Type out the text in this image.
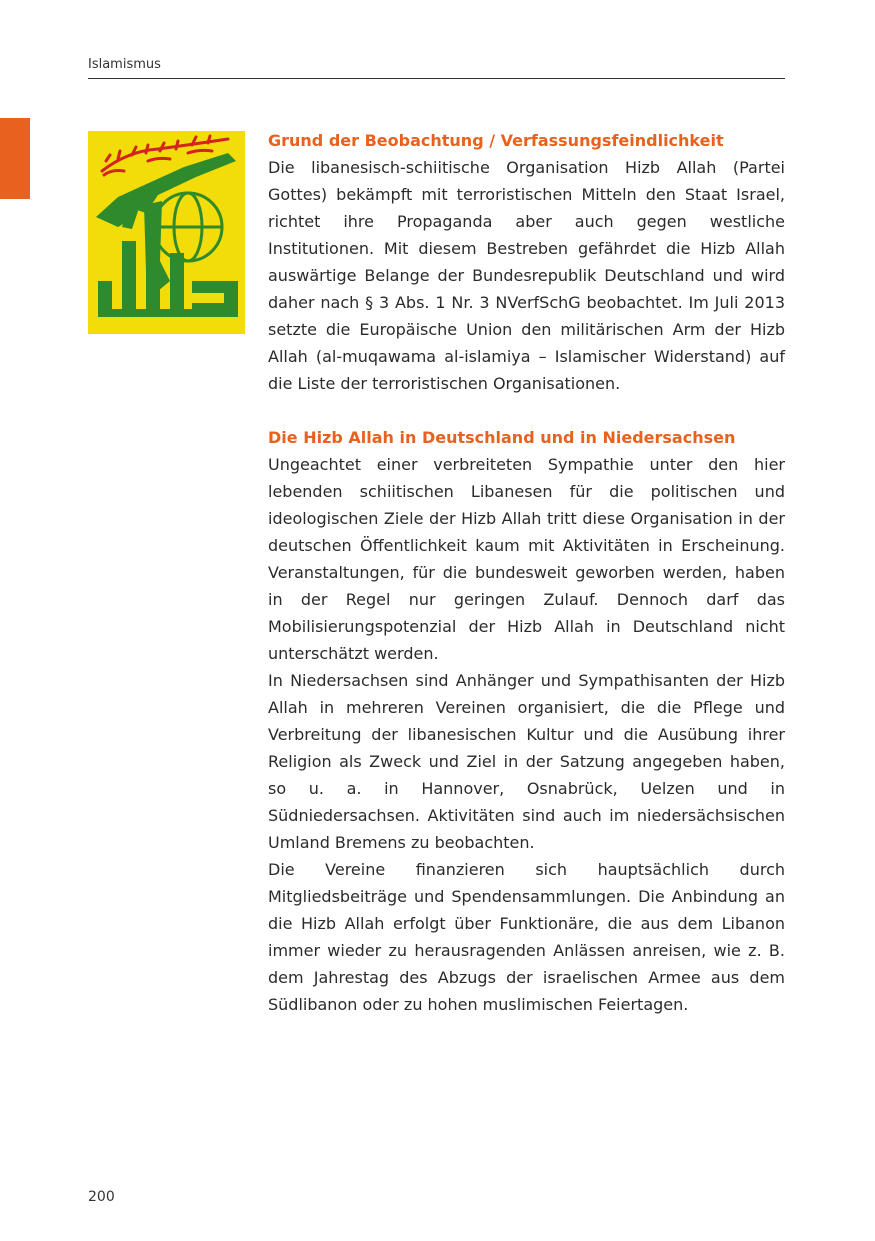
Islamismus
Grund der Beobachtung / Verfassungsfeindlichkeit

Die libanesisch-schiitische Organisation Hizb Allah (Partei Gottes) bekämpft mit terroristischen Mitteln den Staat Israel, richtet ihre Propaganda aber auch gegen westliche Institutionen. Mit diesem Bestreben gefährdet die Hizb Allah auswärtige Belange der Bundesrepublik Deutschland und wird daher nach § 3 Abs. 1 Nr. 3 NVerfSchG beobachtet. Im Juli 2013 setzte die Europäische Union den militärischen Arm der Hizb Allah (al-muqawama al-islamiya – Islamischer Widerstand) auf die Liste der terroristischen Organisationen.

Die Hizb Allah in Deutschland und in Niedersachsen

Ungeachtet einer verbreiteten Sympathie unter den hier lebenden schiitischen Libanesen für die politischen und ideologischen Ziele der Hizb Allah tritt diese Organisation in der deutschen Öffentlichkeit kaum mit Aktivitäten in Erscheinung. Veranstaltungen, für die bundesweit geworben werden, haben in der Regel nur geringen Zulauf. Dennoch darf das Mobilisierungspotenzial der Hizb Allah in Deutschland nicht unterschätzt werden.

In Niedersachsen sind Anhänger und Sympathisanten der Hizb Allah in mehreren Vereinen organisiert, die die Pflege und Verbreitung der libanesischen Kultur und die Ausübung ihrer Religion als Zweck und Ziel in der Satzung angegeben haben, so u. a. in Hannover, Osnabrück, Uelzen und in Südniedersachsen. Aktivitäten sind auch im niedersächsischen Umland Bremens zu beobachten.

Die Vereine finanzieren sich hauptsächlich durch Mitgliedsbeiträge und Spendensammlungen. Die Anbindung an die Hizb Allah erfolgt über Funktionäre, die aus dem Libanon immer wieder zu herausragenden Anlässen anreisen, wie z. B. dem Jahrestag des Abzugs der israelischen Armee aus dem Südlibanon oder zu hohen muslimischen Feiertagen.

200
